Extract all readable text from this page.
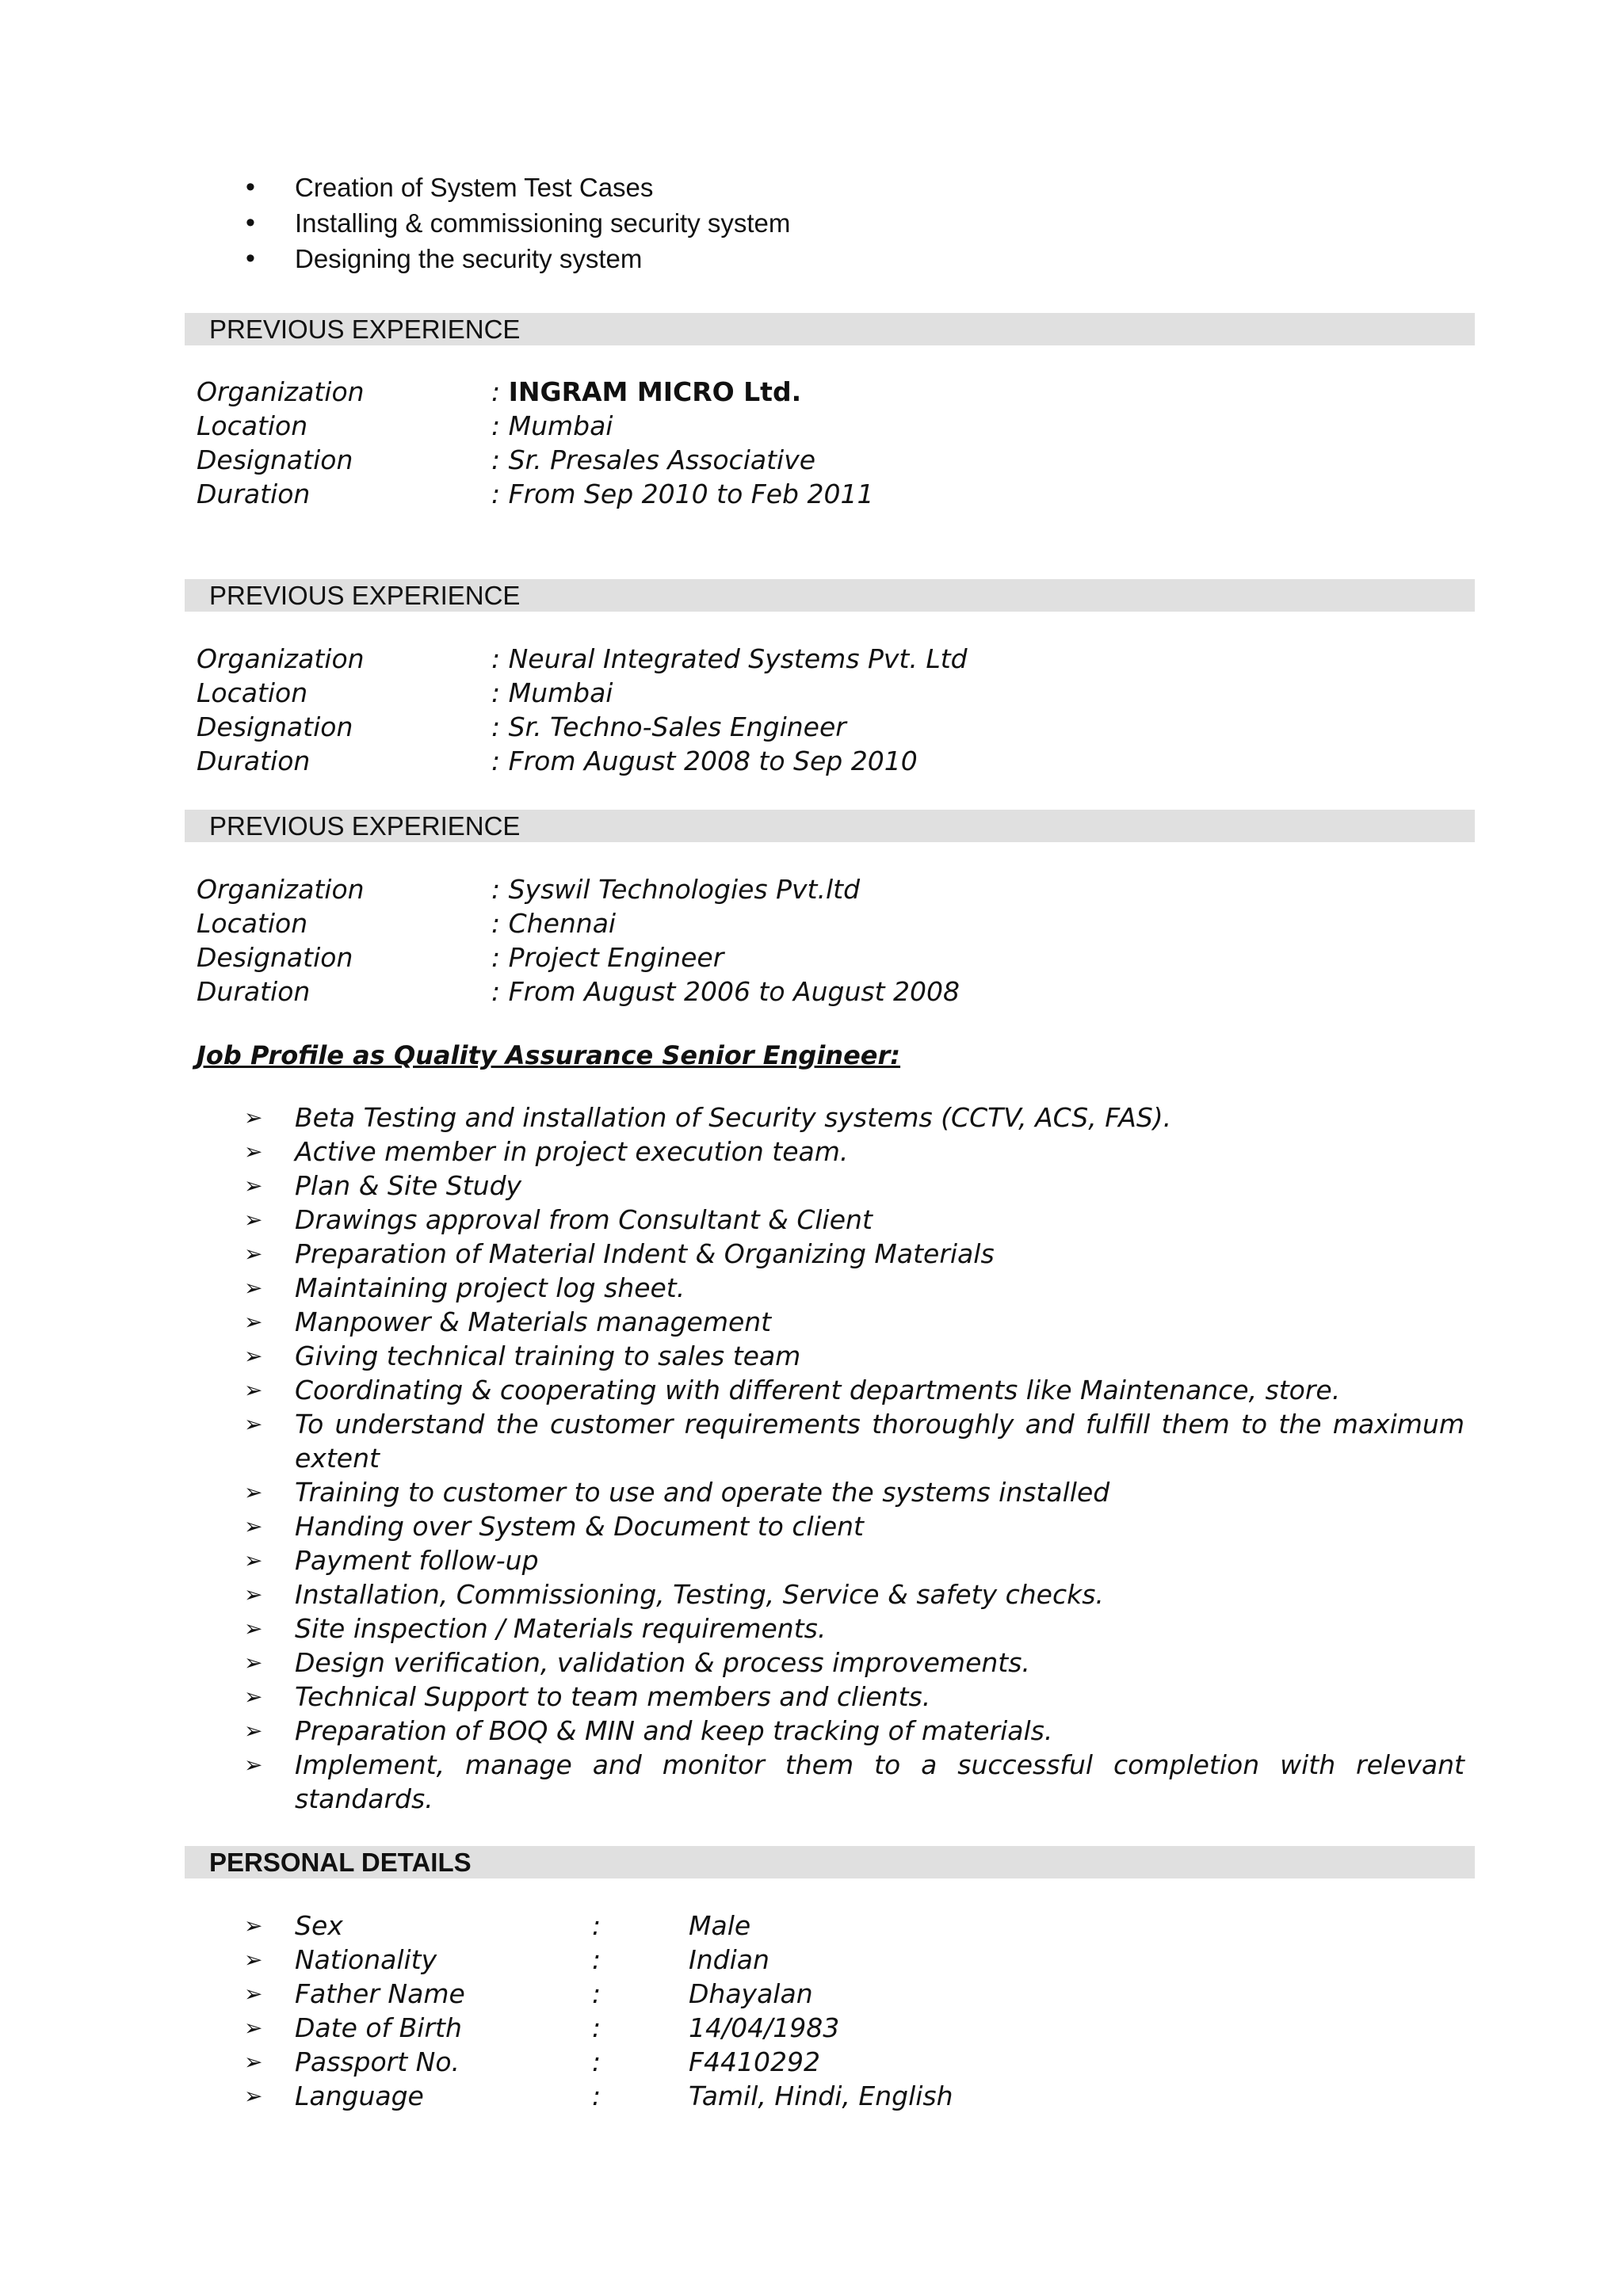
• Creation of System Test Cases
• Installing & commissioning security system
• Designing the security system
PREVIOUS EXPERIENCE
Organization	: INGRAM MICRO Ltd.
Location	: Mumbai
Designation	: Sr. Presales Associative
Duration	: From Sep 2010 to Feb 2011
PREVIOUS EXPERIENCE
Organization	: Neural Integrated Systems Pvt. Ltd
Location	: Mumbai
Designation	: Sr. Techno-Sales Engineer
Duration	: From August 2008 to Sep 2010
PREVIOUS EXPERIENCE
Organization	: Syswil Technologies Pvt.ltd
Location	: Chennai
Designation	: Project Engineer
Duration	: From August 2006 to August 2008
Job Profile as Quality Assurance Senior Engineer:
➢ Beta Testing and installation of Security systems (CCTV, ACS, FAS).
➢ Active member in project execution team.
➢ Plan & Site Study
➢ Drawings approval from Consultant & Client
➢ Preparation of Material Indent & Organizing Materials
➢ Maintaining project log sheet.
➢ Manpower & Materials management
➢ Giving technical training to sales team
➢ Coordinating & cooperating with different departments like Maintenance, store.
➢ To understand the customer requirements thoroughly and fulfill them to the maximum extent
➢ Training to customer to use and operate the systems installed
➢ Handing over System & Document to client
➢ Payment follow-up
➢ Installation, Commissioning, Testing, Service & safety checks.
➢ Site inspection / Materials requirements.
➢ Design verification, validation & process improvements.
➢ Technical Support to team members and clients.
➢ Preparation of BOQ & MIN and keep tracking of materials.
➢ Implement, manage and monitor them to a successful completion with relevant standards.
PERSONAL DETAILS
➢ Sex	:	Male
➢ Nationality	:	Indian
➢ Father Name	:	Dhayalan
➢ Date of Birth	:	14/04/1983
➢ Passport No.	:	F4410292
➢ Language	:	Tamil, Hindi, English
